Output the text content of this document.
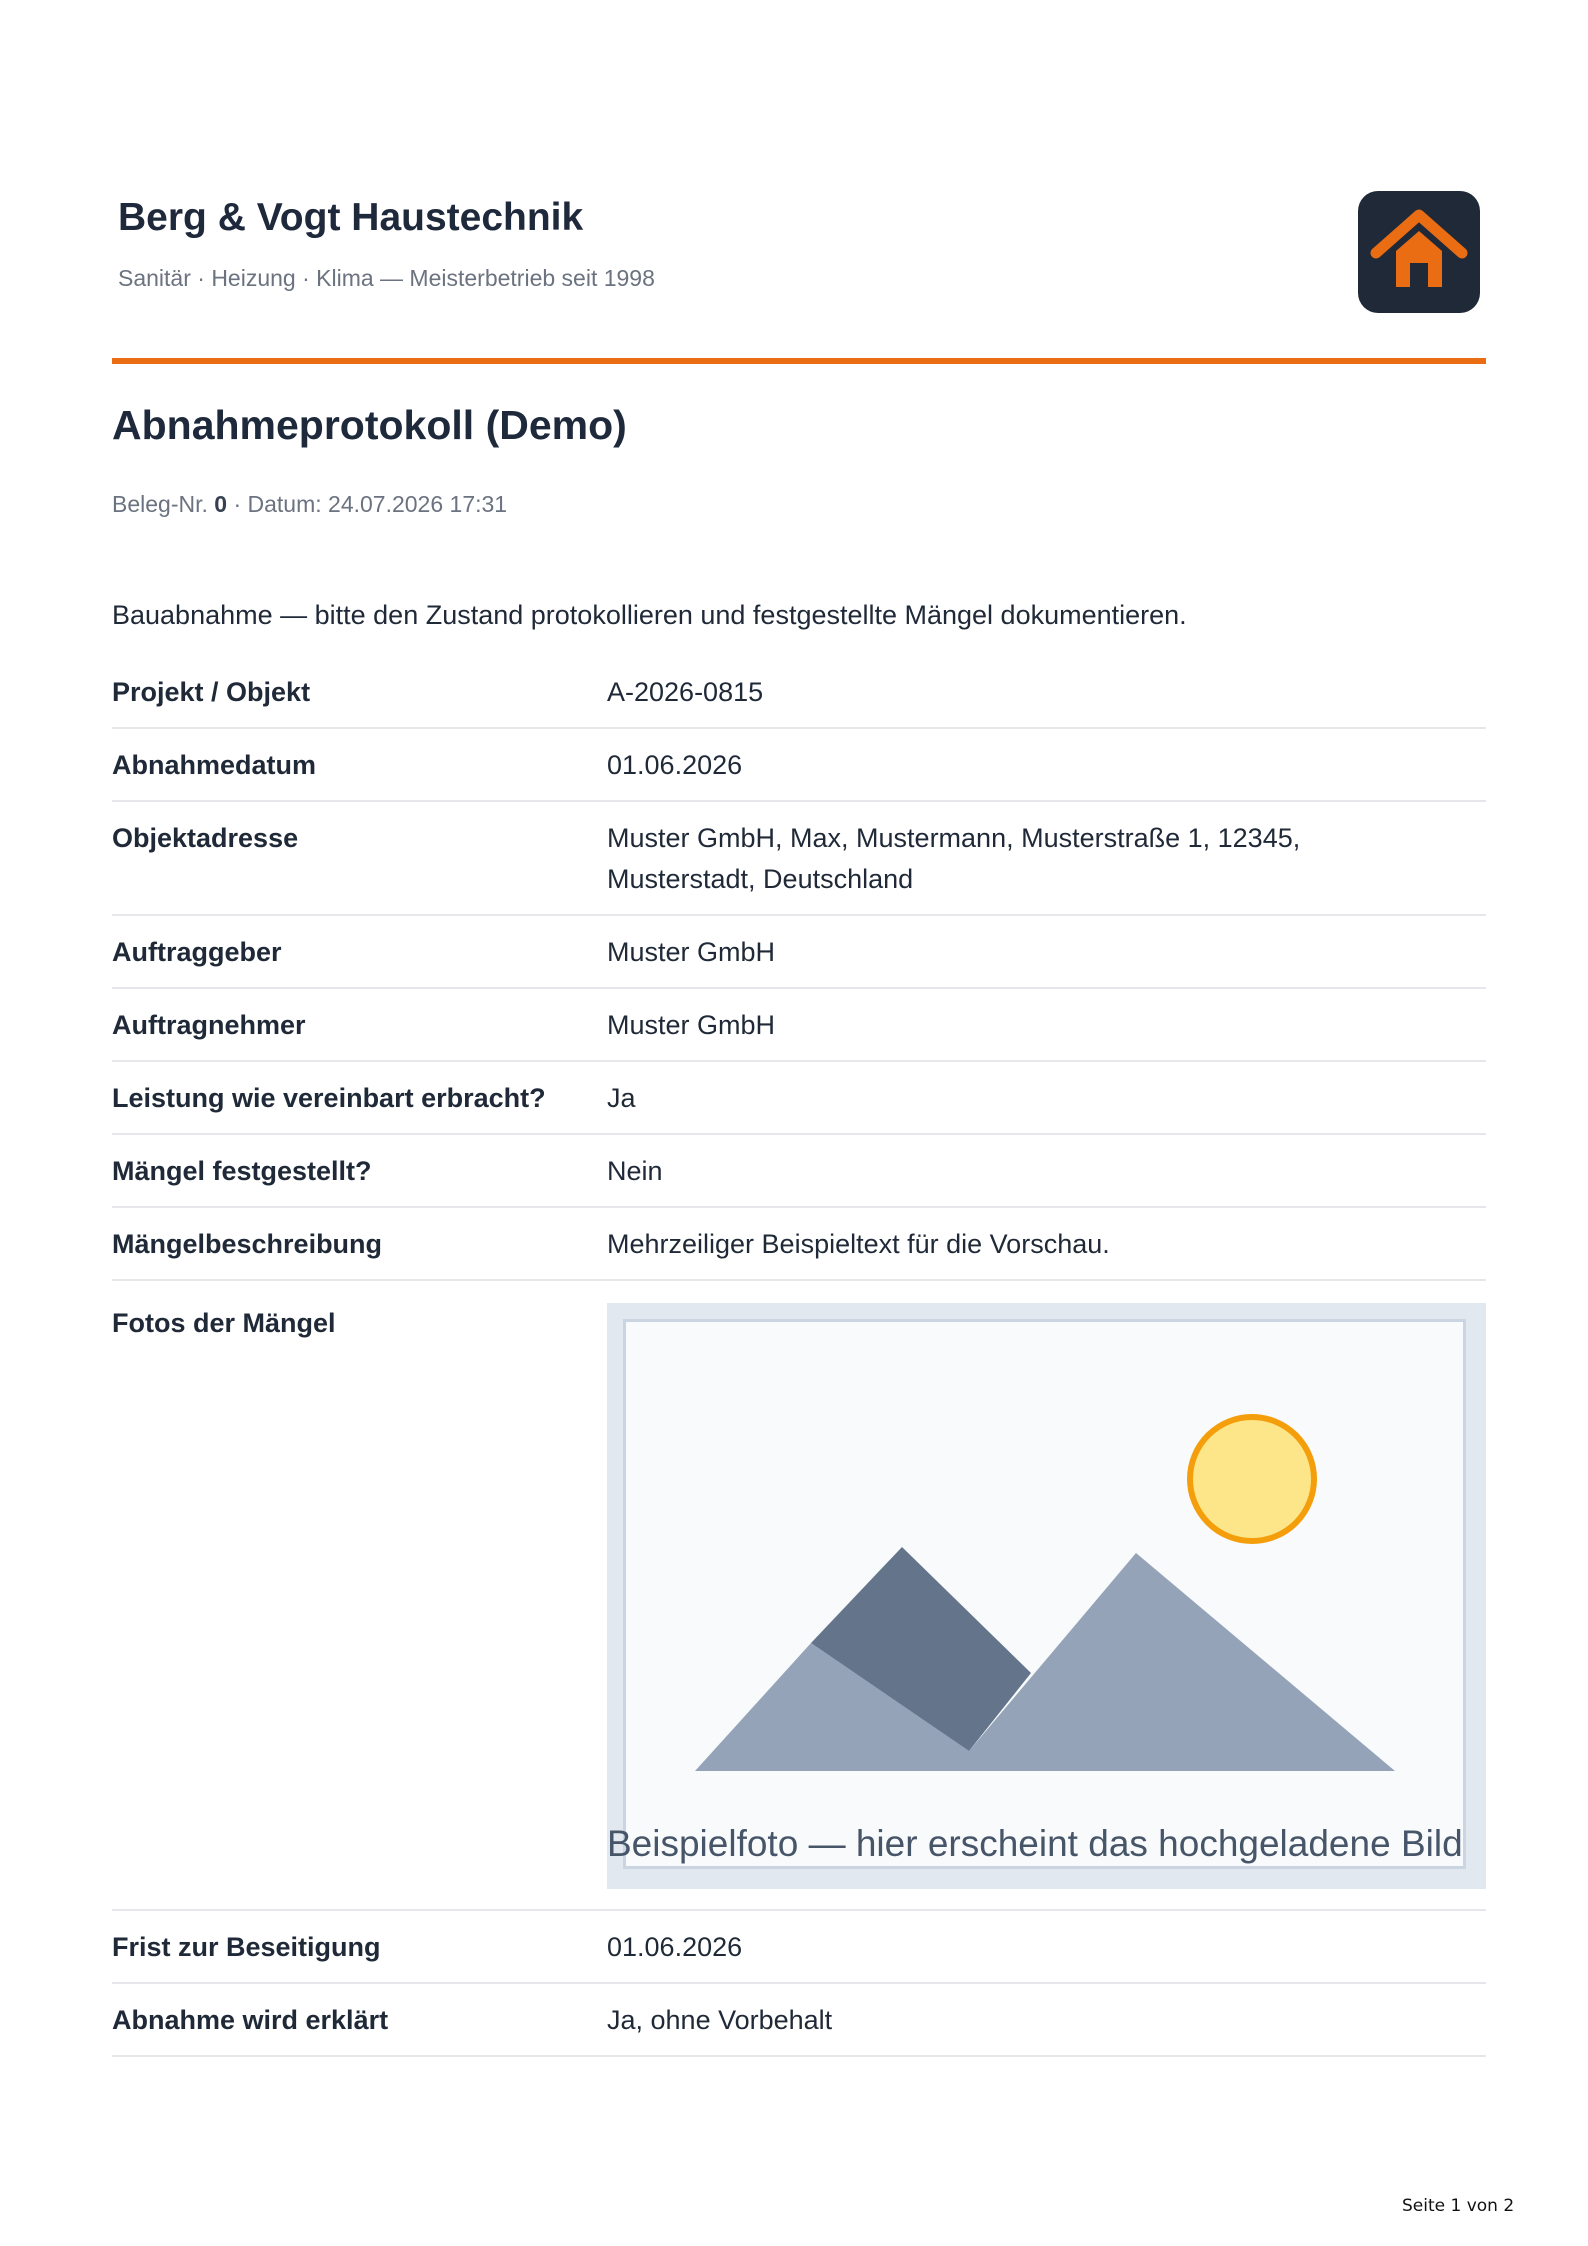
Berg & Vogt Haustechnik
Sanitär · Heizung · Klima — Meisterbetrieb seit 1998
Abnahmeprotokoll (Demo)
Beleg-Nr. 0 · Datum: 24.07.2026 17:31
Bauabnahme — bitte den Zustand protokollieren und festgestellte Mängel dokumentieren.
Projekt / Objekt	A-2026-0815
Abnahmedatum	01.06.2026
Objektadresse	Muster GmbH, Max, Mustermann, Musterstraße 1, 12345, Musterstadt, Deutschland
Auftraggeber	Muster GmbH
Auftragnehmer	Muster GmbH
Leistung wie vereinbart erbracht?	Ja
Mängel festgestellt?	Nein
Mängelbeschreibung	Mehrzeiliger Beispieltext für die Vorschau.
Fotos der Mängel
Beispielfoto — hier erscheint das hochgeladene Bild
Frist zur Beseitigung	01.06.2026
Abnahme wird erklärt	Ja, ohne Vorbehalt
Seite 1 von 2
